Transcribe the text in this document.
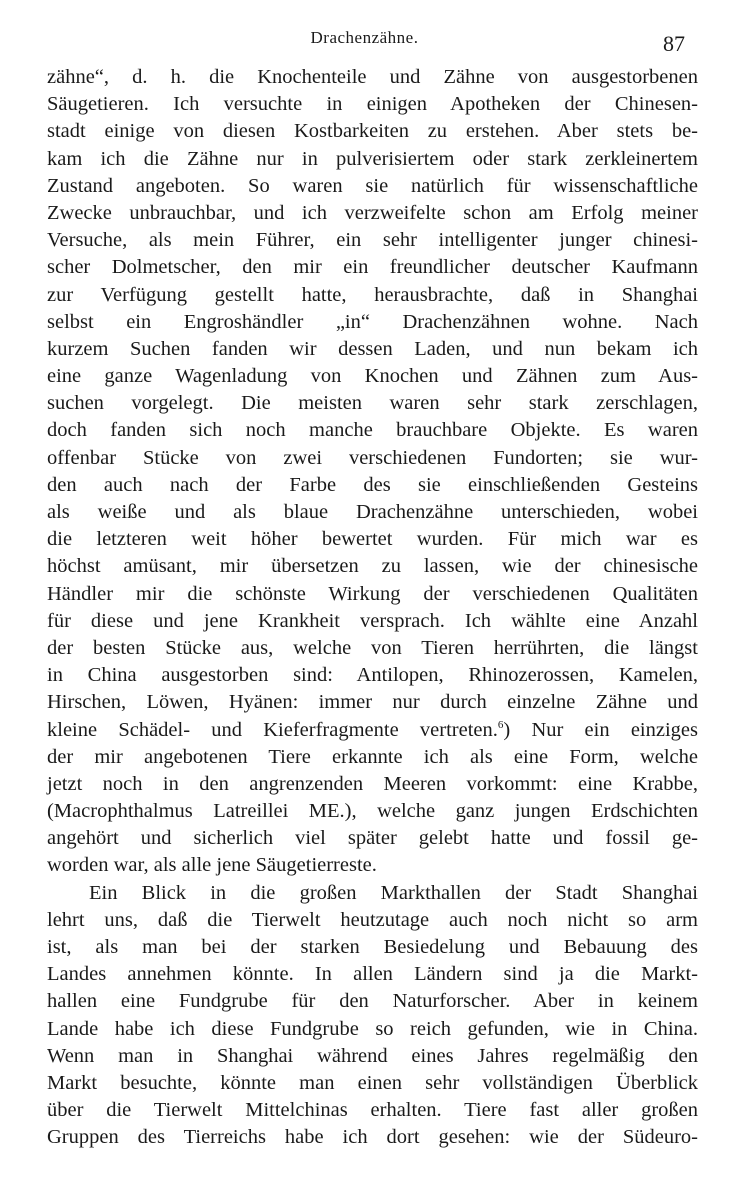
Drachenzähne.	87
zähne“, d. h. die Knochenteile und Zähne von ausgestorbenen
Säugetieren. Ich versuchte in einigen Apotheken der Chinesen-
stadt einige von diesen Kostbarkeiten zu erstehen. Aber stets be-
kam ich die Zähne nur in pulverisiertem oder stark zerkleinertem
Zustand angeboten. So waren sie natürlich für wissenschaftliche
Zwecke unbrauchbar, und ich verzweifelte schon am Erfolg meiner
Versuche, als mein Führer, ein sehr intelligenter junger chinesi-
scher Dolmetscher, den mir ein freundlicher deutscher Kaufmann
zur Verfügung gestellt hatte, herausbrachte, daß in Shanghai
selbst ein Engroshändler „in“ Drachenzähnen wohne. Nach
kurzem Suchen fanden wir dessen Laden, und nun bekam ich
eine ganze Wagenladung von Knochen und Zähnen zum Aus-
suchen vorgelegt. Die meisten waren sehr stark zerschlagen,
doch fanden sich noch manche brauchbare Objekte. Es waren
offenbar Stücke von zwei verschiedenen Fundorten; sie wur-
den auch nach der Farbe des sie einschließenden Gesteins
als weiße und als blaue Drachenzähne unterschieden, wobei
die letzteren weit höher bewertet wurden. Für mich war es
höchst amüsant, mir übersetzen zu lassen, wie der chinesische
Händler mir die schönste Wirkung der verschiedenen Qualitäten
für diese und jene Krankheit versprach. Ich wählte eine Anzahl
der besten Stücke aus, welche von Tieren herrührten, die längst
in China ausgestorben sind: Antilopen, Rhinozerossen, Kamelen,
Hirschen, Löwen, Hyänen: immer nur durch einzelne Zähne und
kleine Schädel- und Kieferfragmente vertreten.$^6$) Nur ein einziges
der mir angebotenen Tiere erkannte ich als eine Form, welche
jetzt noch in den angrenzenden Meeren vorkommt: eine Krabbe,
(Macrophthalmus Latreillei ME.), welche ganz jungen Erdschichten
angehört und sicherlich viel später gelebt hatte und fossil ge-
worden war, als alle jene Säugetierreste.
Ein Blick in die großen Markthallen der Stadt Shanghai
lehrt uns, daß die Tierwelt heutzutage auch noch nicht so arm
ist, als man bei der starken Besiedelung und Bebauung des
Landes annehmen könnte. In allen Ländern sind ja die Markt-
hallen eine Fundgrube für den Naturforscher. Aber in keinem
Lande habe ich diese Fundgrube so reich gefunden, wie in China.
Wenn man in Shanghai während eines Jahres regelmäßig den
Markt besuchte, könnte man einen sehr vollständigen Überblick
über die Tierwelt Mittelchinas erhalten. Tiere fast aller großen
Gruppen des Tierreichs habe ich dort gesehen: wie der Südeuro-
